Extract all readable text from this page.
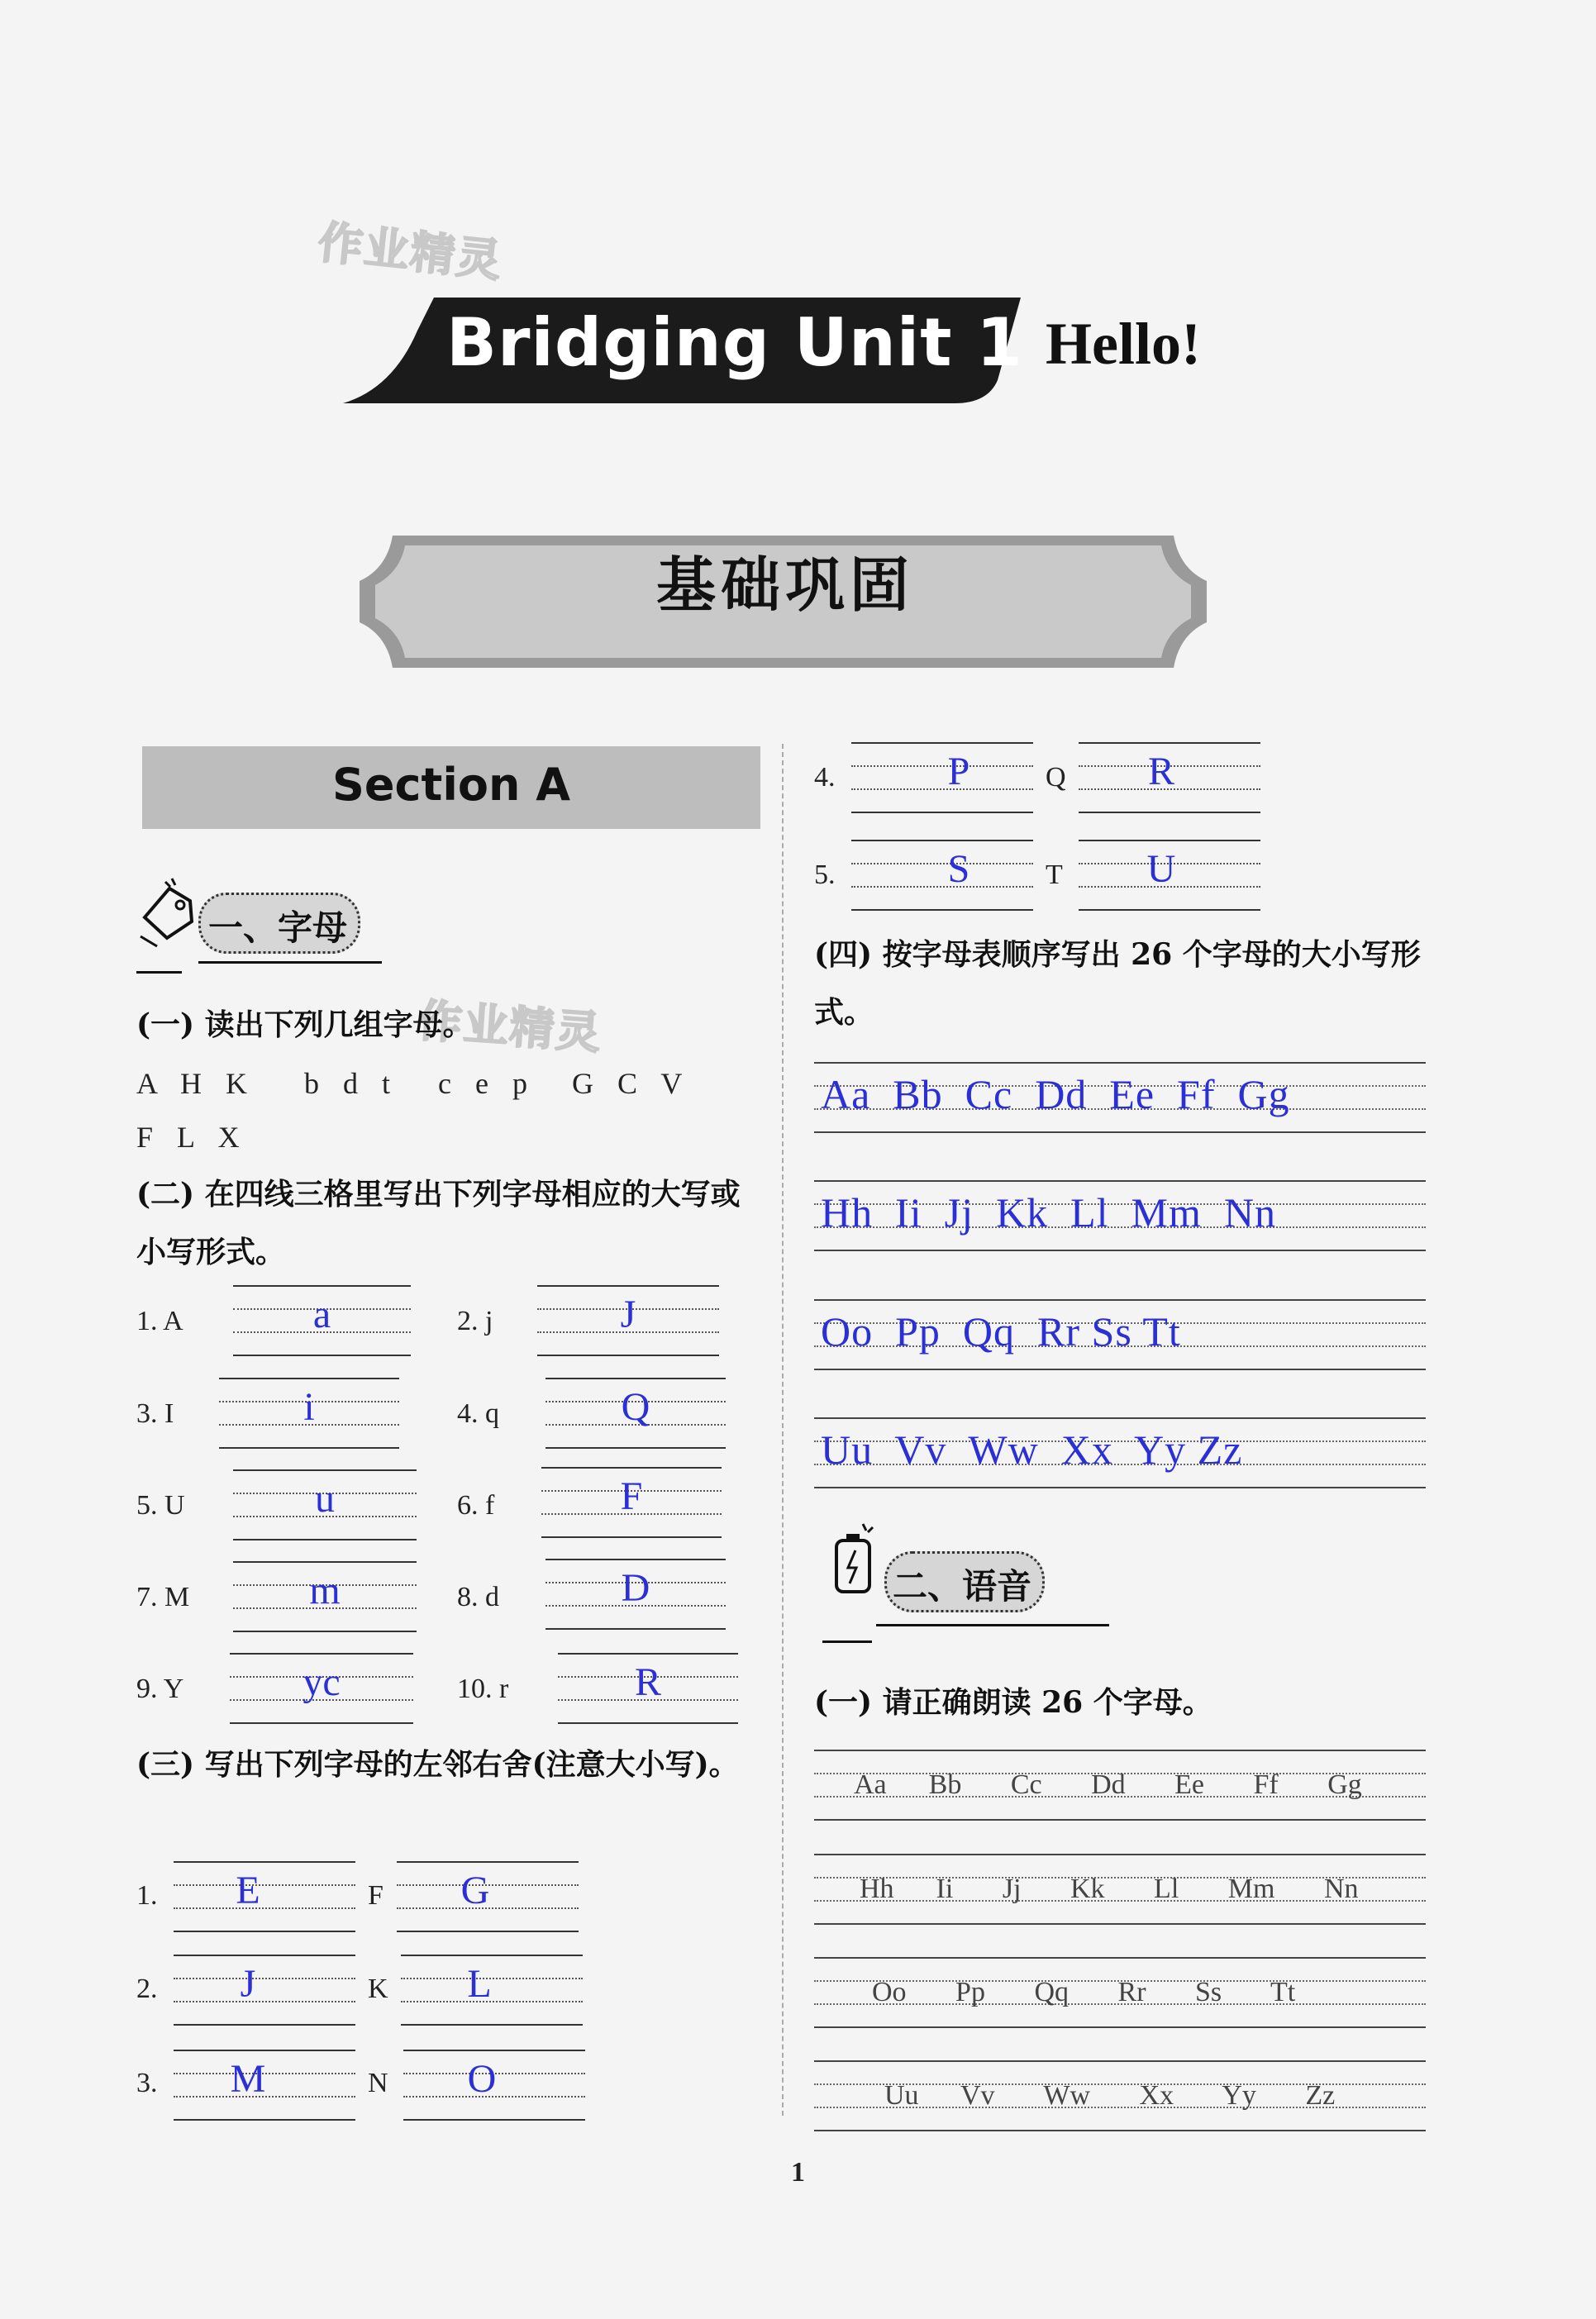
作业精灵
作业精灵
Bridging Unit 1 Hello!
基础巩固
Section A
一、字母
(一) 读出下列几组字母。
A H K b d t c e p G C V
F L X
(二) 在四线三格里写出下列字母相应的大写或小写形式。
1. A	a	2. j	J
3. I	i	4. q	Q
5. U	u	6. f	F
7. M	m	8. d	D
9. Y	yc	10. r	R
(三) 写出下列字母的左邻右舍(注意大小写)。
1.	E	F	G
2.	J	K	L
3.	M	N	O
4.	P	Q	R
5.	S	T	U
(四) 按字母表顺序写出 26 个字母的大小写形式。
Aa  Bb  Cc  Dd  Ee  Ff  Gg
Hh  Ii  Jj  Kk  Ll  Mm  Nn
Oo  Pp  Qq  Rr Ss Tt
Uu  Vv  Ww  Xx  Yy Zz
二、语音
(一) 请正确朗读 26 个字母。
Aa      Bb       Cc       Dd       Ee       Ff       Gg
Hh      Ii       Jj       Kk       Ll       Mm       Nn
Oo       Pp       Qq       Rr       Ss       Tt
Uu      Vv       Ww       Xx       Yy       Zz
1
